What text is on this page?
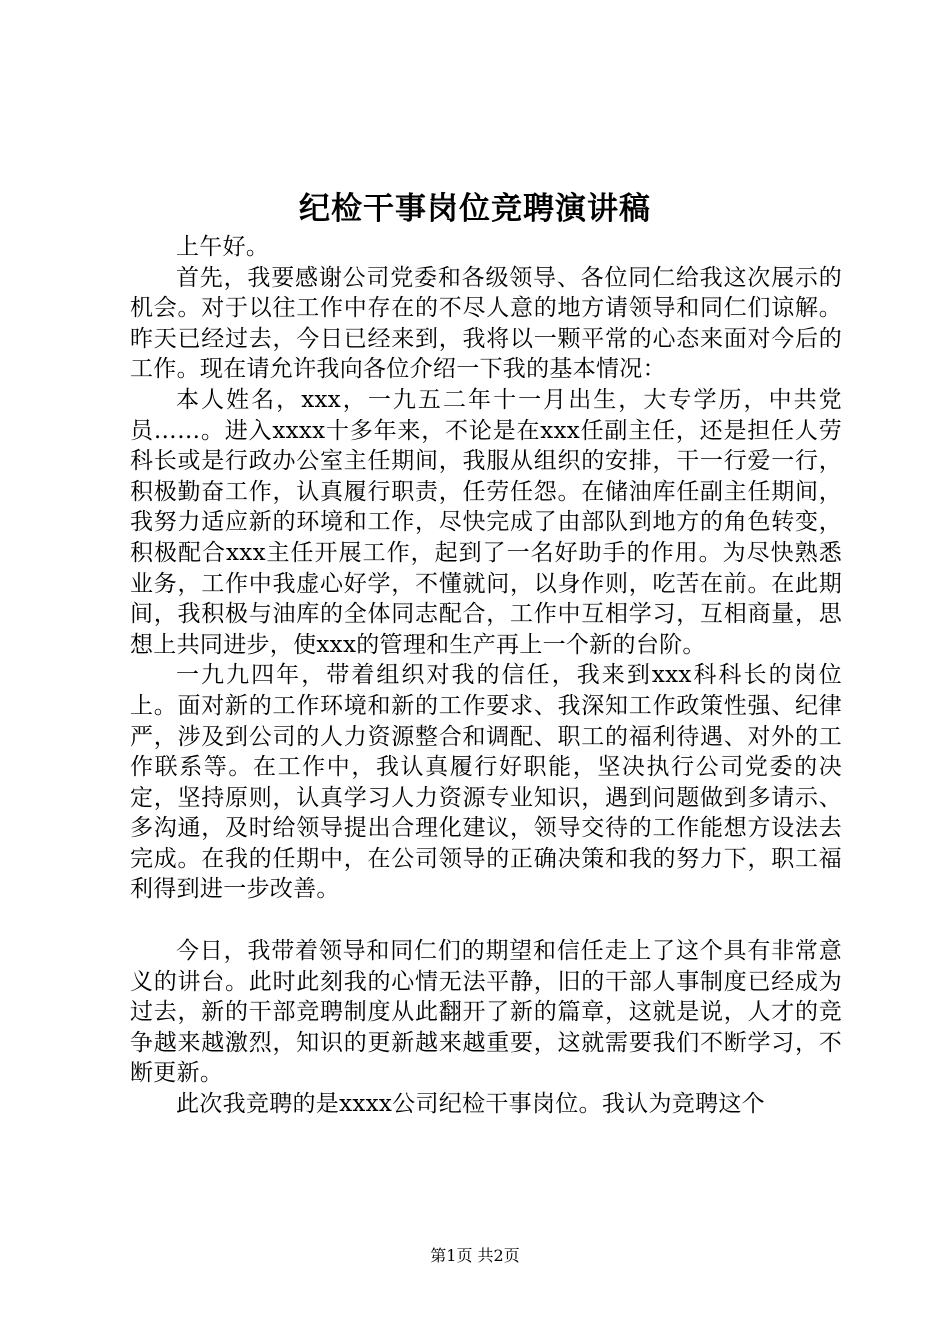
纪检干事岗位竞聘演讲稿

上午好。

首先，我要感谢公司党委和各级领导、各位同仁给我这次展示的机会。对于以往工作中存在的不尽人意的地方请领导和同仁们谅解。昨天已经过去，今日已经来到，我将以一颗平常的心态来面对今后的工作。现在请允许我向各位介绍一下我的基本情况：

本人姓名，xxx，一九五二年十一月出生，大专学历，中共党员……。进入xxxx十多年来，不论是在xxx任副主任，还是担任人劳科长或是行政办公室主任期间，我服从组织的安排，干一行爱一行，积极勤奋工作，认真履行职责，任劳任怨。在储油库任副主任期间，我努力适应新的环境和工作，尽快完成了由部队到地方的角色转变，积极配合xxx主任开展工作，起到了一名好助手的作用。为尽快熟悉业务，工作中我虚心好学，不懂就问，以身作则，吃苦在前。在此期间，我积极与油库的全体同志配合，工作中互相学习，互相商量，思想上共同进步，使xxx的管理和生产再上一个新的台阶。

一九九四年，带着组织对我的信任，我来到xxx科科长的岗位上。面对新的工作环境和新的工作要求、我深知工作政策性强、纪律严，涉及到公司的人力资源整合和调配、职工的福利待遇、对外的工作联系等。在工作中，我认真履行好职能，坚决执行公司党委的决定，坚持原则，认真学习人力资源专业知识，遇到问题做到多请示、多沟通，及时给领导提出合理化建议，领导交待的工作能想方设法去完成。在我的任期中，在公司领导的正确决策和我的努力下，职工福利得到进一步改善。

今日，我带着领导和同仁们的期望和信任走上了这个具有非常意义的讲台。此时此刻我的心情无法平静，旧的干部人事制度已经成为过去，新的干部竞聘制度从此翻开了新的篇章，这就是说，人才的竞争越来越激烈，知识的更新越来越重要，这就需要我们不断学习，不断更新。

此次我竞聘的是xxxx公司纪检干事岗位。我认为竞聘这个

第1页 共2页
